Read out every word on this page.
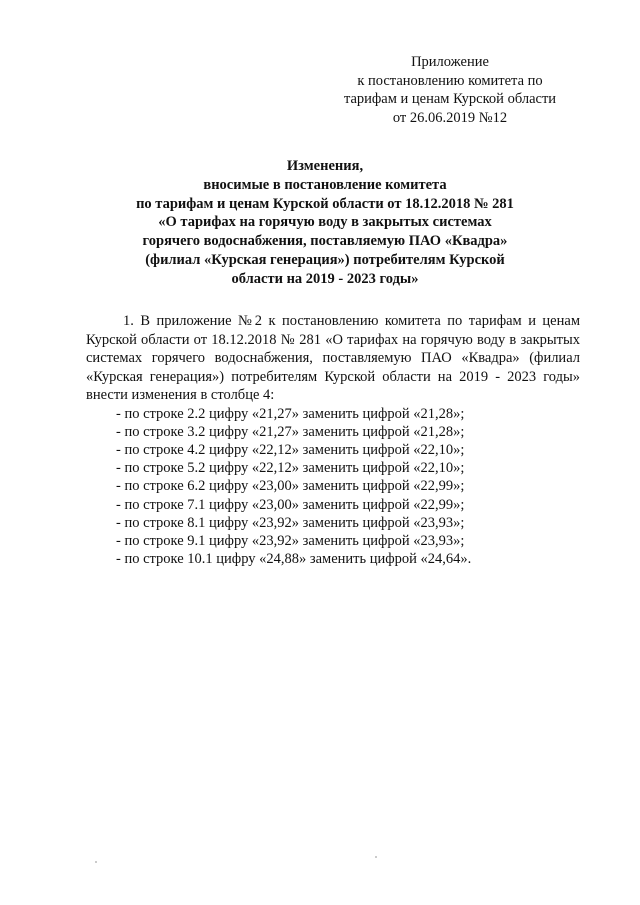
Приложение
к постановлению комитета по
тарифам и ценам Курской области
от 26.06.2019 №12
Изменения,
вносимые в постановление комитета
по тарифам и ценам Курской области от 18.12.2018 № 281
«О тарифах на горячую воду в закрытых системах
горячего водоснабжения, поставляемую ПАО «Квадра»
(филиал «Курская генерация») потребителям Курской
области на 2019 - 2023 годы»

1. В приложение №2 к постановлению комитета по тарифам и ценам Курской области от 18.12.2018 № 281 «О тарифах на горячую воду в закрытых системах горячего водоснабжения, поставляемую ПАО «Квадра» (филиал «Курская генерация») потребителям Курской области на 2019 - 2023 годы» внести изменения в столбце 4:

- по строке 2.2 цифру «21,27» заменить цифрой «21,28»;
- по строке 3.2 цифру «21,27» заменить цифрой «21,28»;
- по строке 4.2 цифру «22,12» заменить цифрой «22,10»;
- по строке 5.2 цифру «22,12» заменить цифрой «22,10»;
- по строке 6.2 цифру «23,00» заменить цифрой «22,99»;
- по строке 7.1 цифру «23,00» заменить цифрой «22,99»;
- по строке 8.1 цифру «23,92» заменить цифрой «23,93»;
- по строке 9.1 цифру «23,92» заменить цифрой «23,93»;
- по строке 10.1 цифру «24,88» заменить цифрой «24,64».
